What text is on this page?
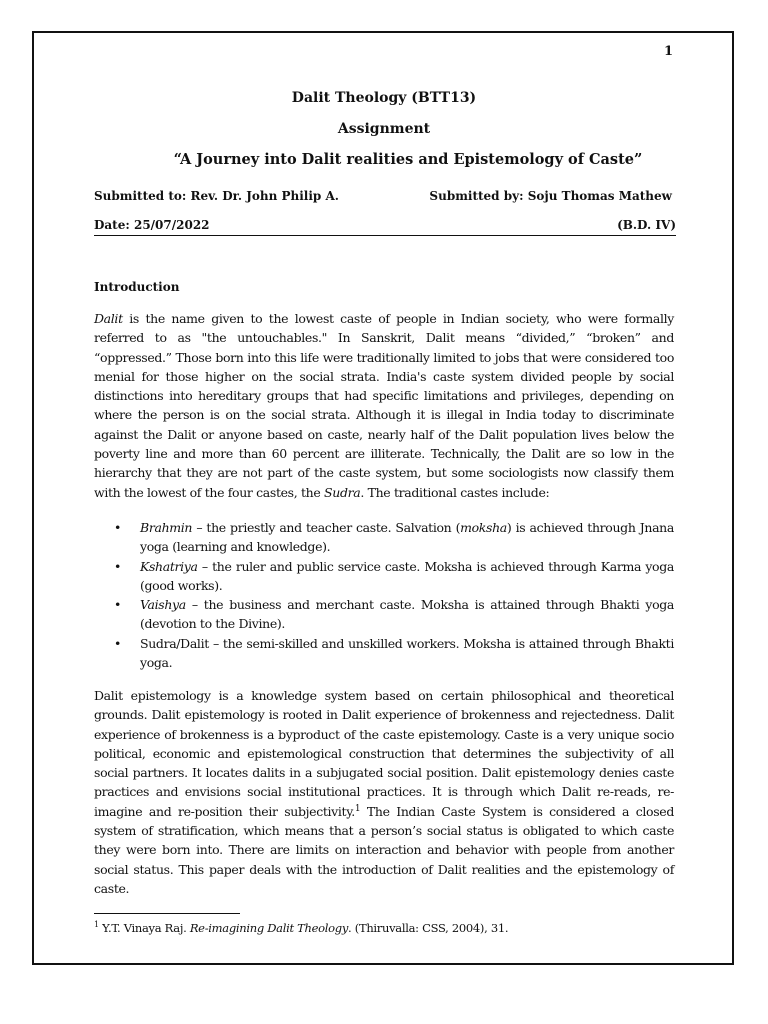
1
Dalit Theology (BTT13)
Assignment
“A Journey into Dalit realities and Epistemology of Caste”
Submitted to: Rev. Dr. John Philip A.	Submitted by: Soju Thomas Mathew
Date: 25/07/2022	(B.D. IV)
Introduction
Dalit is the name given to the lowest caste of people in Indian society, who were formally referred to as "the untouchables." In Sanskrit, Dalit means “divided,” “broken” and “oppressed.” Those born into this life were traditionally limited to jobs that were considered too menial for those higher on the social strata. India's caste system divided people by social distinctions into hereditary groups that had specific limitations and privileges, depending on where the person is on the social strata. Although it is illegal in India today to discriminate against the Dalit or anyone based on caste, nearly half of the Dalit population lives below the poverty line and more than 60 percent are illiterate. Technically, the Dalit are so low in the hierarchy that they are not part of the caste system, but some sociologists now classify them with the lowest of the four castes, the Sudra. The traditional castes include:
• Brahmin – the priestly and teacher caste. Salvation (moksha) is achieved through Jnana yoga (learning and knowledge).
• Kshatriya – the ruler and public service caste. Moksha is achieved through Karma yoga (good works).
• Vaishya – the business and merchant caste. Moksha is attained through Bhakti yoga (devotion to the Divine).
• Sudra/Dalit – the semi-skilled and unskilled workers. Moksha is attained through Bhakti yoga.
Dalit epistemology is a knowledge system based on certain philosophical and theoretical grounds. Dalit epistemology is rooted in Dalit experience of brokenness and rejectedness. Dalit experience of brokenness is a byproduct of the caste epistemology. Caste is a very unique socio political, economic and epistemological construction that determines the subjectivity of all social partners. It locates dalits in a subjugated social position. Dalit epistemology denies caste practices and envisions social institutional practices. It is through which Dalit re-reads, re-imagine and re-position their subjectivity.$^1$ The Indian Caste System is considered a closed system of stratification, which means that a person’s social status is obligated to which caste they were born into. There are limits on interaction and behavior with people from another social status. This paper deals with the introduction of Dalit realities and the epistemology of caste.
$^1$ Y.T. Vinaya Raj. Re-imagining Dalit Theology. (Thiruvalla: CSS, 2004), 31.
